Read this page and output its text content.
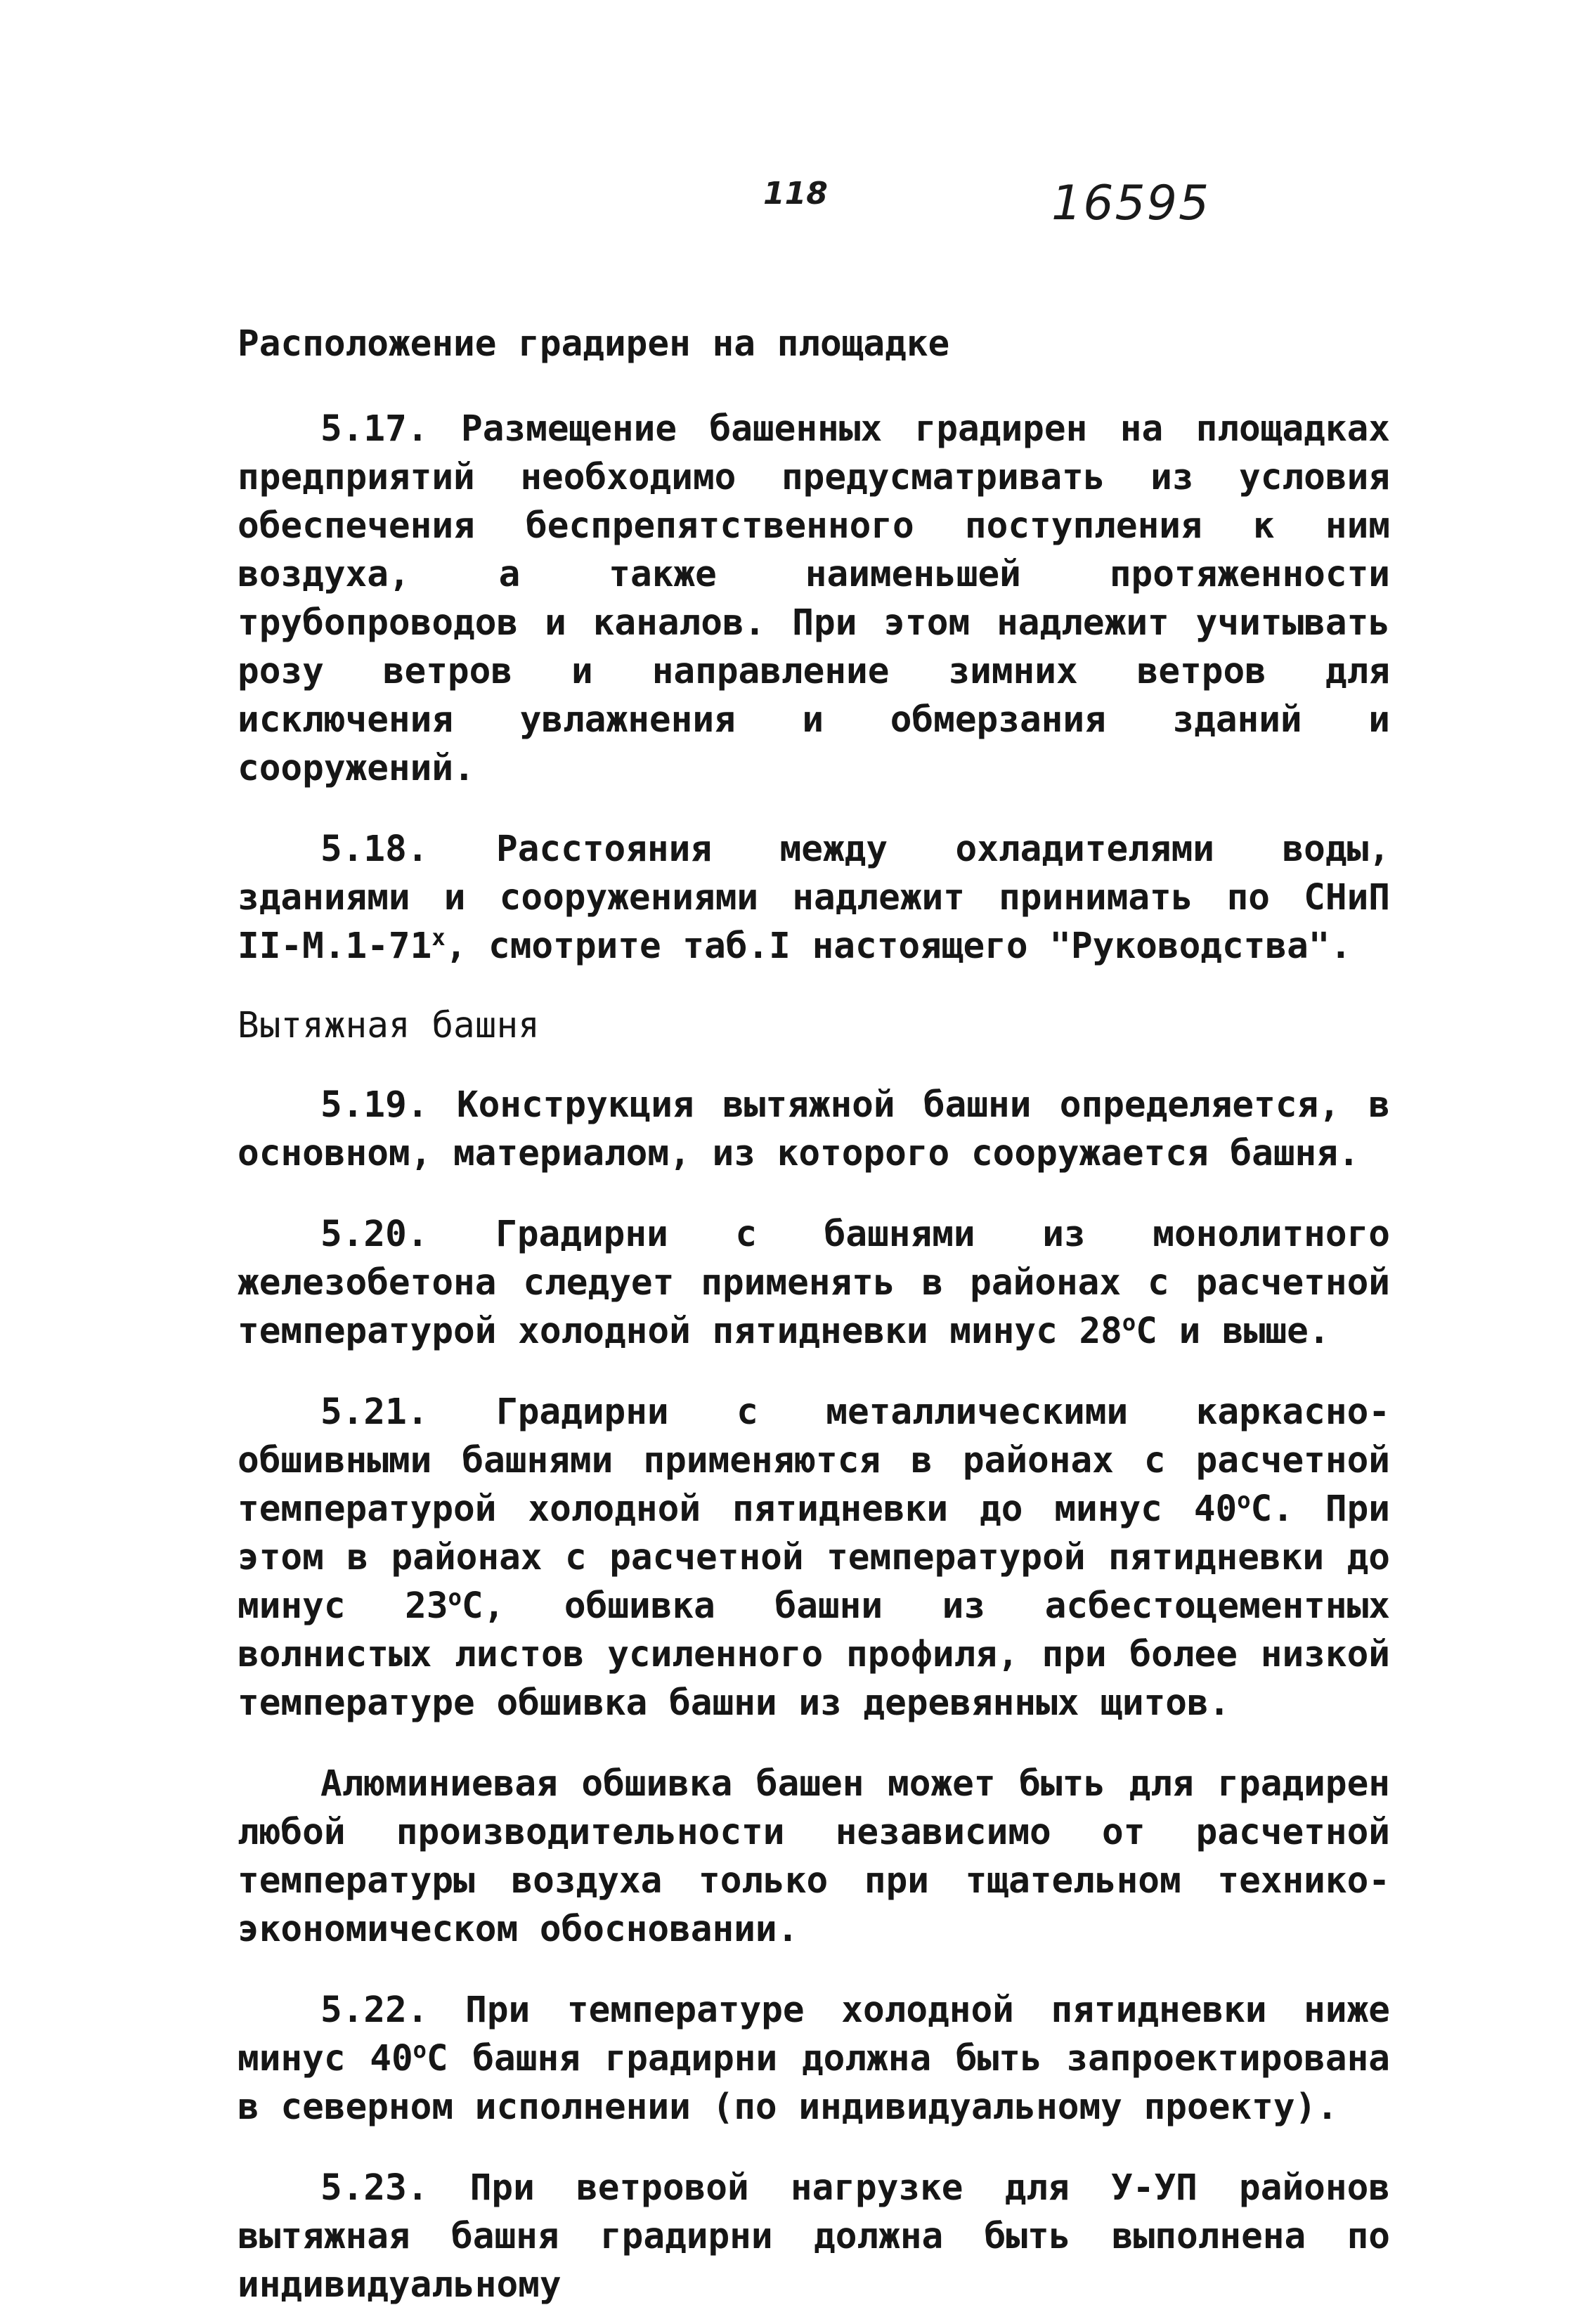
118	16595

Расположение градирен на площадке

5.17. Размещение башенных градирен на площадках предприятий необходимо предусматривать из условия обеспечения беспрепятственного поступления к ним воздуха, а также наименьшей протяженности трубопроводов и каналов. При этом надлежит учитывать розу ветров и направление зимних ветров для исключения увлажнения и обмерзания зданий и сооружений.

5.18. Расстояния между охладителями воды, зданиями и сооружениями надлежит принимать по СНиП II-М.1-71$^x$, смотрите таб.I настоящего "Руководства".

Вытяжная башня

5.19. Конструкция вытяжной башни определяется, в основном, материалом, из которого сооружается башня.

5.20. Градирни с башнями из монолитного железобетона следует применять в районах с расчетной температурой холодной пятидневки минус $28^оС$ и выше.

5.21. Градирни с металлическими каркасно-обшивными башнями применяются в районах с расчетной температурой холодной пятидневки до минус $40^оС$. При этом в районах с расчетной температурой пятидневки до минус $23^оС$, обшивка башни из асбестоцементных волнистых листов усиленного профиля, при более низкой температуре обшивка башни из деревянных щитов.

Алюминиевая обшивка башен может быть для градирен любой производительности независимо от расчетной температуры воздуха только при тщательном технико-экономическом обосновании.

5.22. При температуре холодной пятидневки ниже минус $40^оС$ башня градирни должна быть запроектирована в северном исполнении (по индивидуальному проекту).

5.23. При ветровой нагрузке для У-УП районов вытяжная башня градирни должна быть выполнена по индивидуальному
